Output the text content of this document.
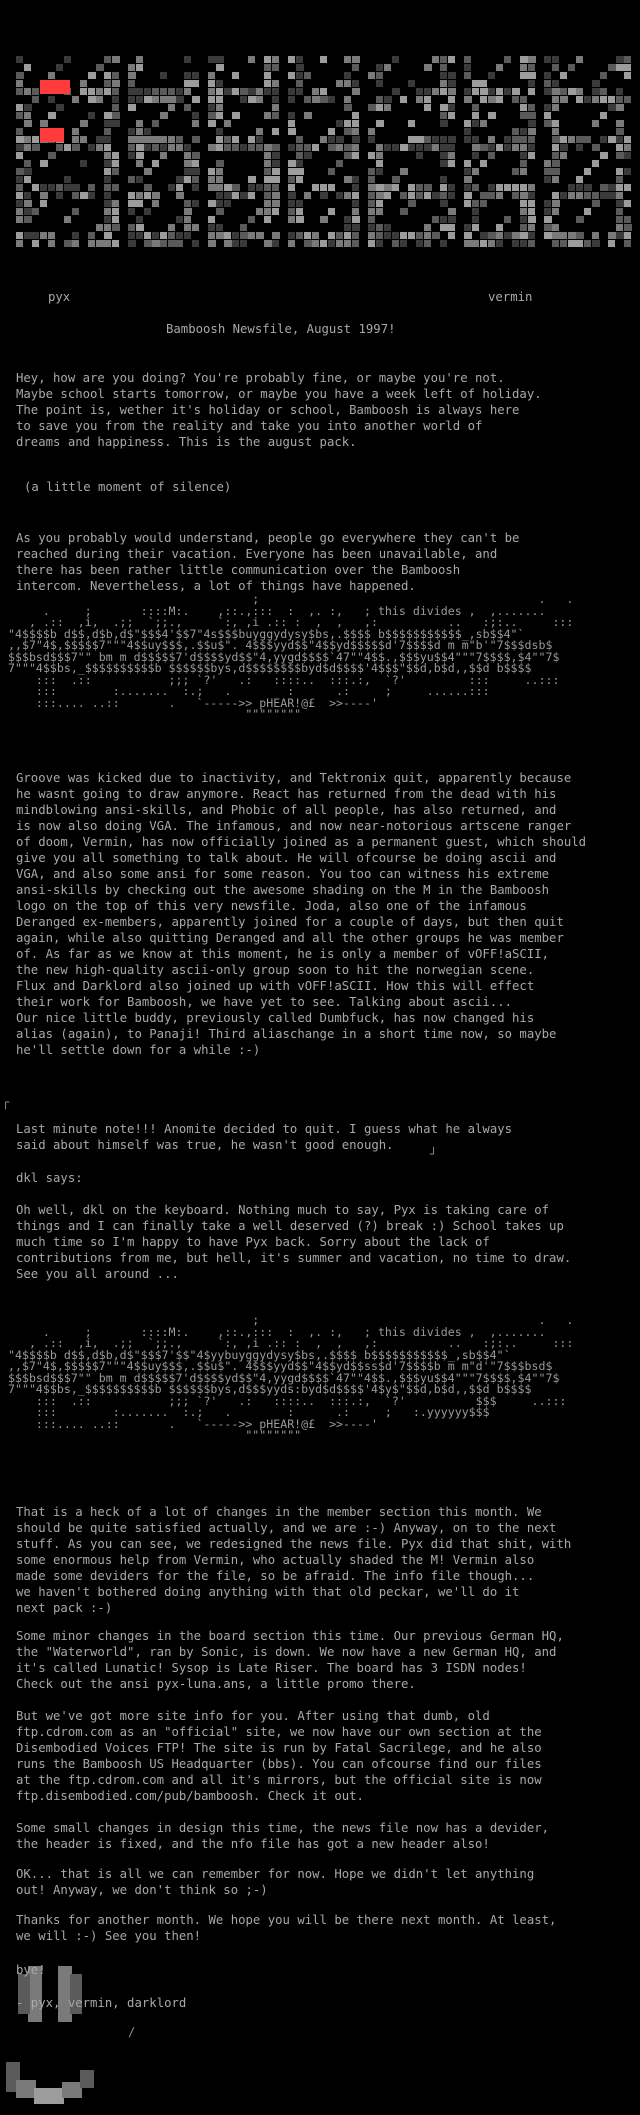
pyx	vermin
Bamboosh Newsfile, August 1997!
Hey, how are you doing? You're probably fine, or maybe you're not.
Maybe school starts tomorrow, or maybe you have a week left of holiday.
The point is, wether it's holiday or school, Bamboosh is always here
to save you from the reality and take you into another world of
dreams and happiness. This is the august pack.
(a little moment of silence)
As you probably would understand, people go everywhere they can't be
reached during their vacation. Everyone has been unavailable, and
there has been rather little communication over the Bamboosh
intercom. Nevertheless, a lot of things have happened.
;                                        .   .
.     ;       ::::M:.    ,::.,:::  :  ,. :,   ; this divides ,  ,.......
, .::  ,i,  .;;  `;;.,     `:, ,i .:: :  ,  ,   ,:          ..   :;:..     :::
"4$$$$b d$$,d$b,d$"$$$4'$$7"4s$$$buyggydysy$bs,.$$$$ b$$$$$$$$$$$_,sb$$4"`
,,$7"4$,$$$$$7"""4$$uy$$$,.$$u$". 4$$$yyd$$"4$$yd$$$$$d'7$$$$d m m"b'"7$$$dsb$
$$$bsd$$$7"" bm m d$$$$$7'd$$$$yd$$"4,yygd$$$$`47""4$$.,$$$yu$$4"""7$$$$,$4""7$
7"""4$$bs,_$$$$$$$$$$b $$$$$$bys,d$$$$$$$$byd$d$$$$'4$$$"$$d,b$d,,$$d b$$$$
:::  .::           ;;; `?'   .:   ::::..  :::.:,  `?'         :::     ..:::
:::        :.......  :.;   .        :      .:     ;     ......:::
:::.... ..::       .   `----->> pHEAR!@£  >>----'
""""""""
Groove was kicked due to inactivity, and Tektronix quit, apparently because
he wasnt going to draw anymore. React has returned from the dead with his
mindblowing ansi-skills, and Phobic of all people, has also returned, and
is now also doing VGA. The infamous, and now near-notorious artscene ranger
of doom, Vermin, has now officially joined as a permanent guest, which should
give you all something to talk about. He will ofcourse be doing ascii and
VGA, and also some ansi for some reason. You too can witness his extreme
ansi-skills by checking out the awesome shading on the M in the Bamboosh
logo on the top of this very newsfile. Joda, also one of the infamous
Deranged ex-members, apparently joined for a couple of days, but then quit
again, while also quitting Deranged and all the other groups he was member
of. As far as we know at this moment, he is only a member of vOFF!aSCII,
the new high-quality ascii-only group soon to hit the norwegian scene.
Flux and Darklord also joined up with vOFF!aSCII. How this will effect
their work for Bamboosh, we have yet to see. Talking about ascii...
Our nice little buddy, previously called Dumbfuck, has now changed his
alias (again), to Panaji! Third aliaschange in a short time now, so maybe
he'll settle down for a while :-)
┌
Last minute note!!! Anomite decided to quit. I guess what he always
said about himself was true, he wasn't good enough.
┘
dkl says:
Oh well, dkl on the keyboard. Nothing much to say, Pyx is taking care of
things and I can finally take a well deserved (?) break :) School takes up
much time so I'm happy to have Pyx back. Sorry about the lack of
contributions from me, but hell, it's summer and vacation, no time to draw.
See you all around ...
;                                        .   .
.     ;       ::::M:.    ,::.,:::  :  ,. :,   ; this divides ,  ,.......
, .::  ,i,  .;;  `;;.,     `:, ,i .:: :  ,  ,   ,:          ..   :;:..     :::
"4$$$$b d$$,d$b,d$"$$$7'$$"4$yybuyggydysy$bs,.$$$$ b$$$$$$$$$$$_,sb$$4"`
,,$7"4$,$$$$$7"""4$$uy$$$,.$$u$". 4$$$yyd$$"4$$yd$$ss$d'7$$$$b m m"d'"7$$$bsd$
$$$bsd$$$7"" bm m d$$$$$7'd$$$$yd$$"4,yygd$$$$`47""4$$.,$$$yu$$4"""7$$$$,$4""7$
7"""4$$bs,_$$$$$$$$$$b $$$$$$bys,d$$$yyds:byd$d$$$$'4$y$"$$d,b$d,,$$d b$$$$
:::  .::           ;;; `?'   .:   ::::..  :::.:,  `?'          $$$     ..:::
:::        :.......  :.;   .        :      .:     ;   :.yyyyyy$$$
:::.... ..::       .   `----->> pHEAR!@£  >>----'
""""""""
That is a heck of a lot of changes in the member section this month. We
should be quite satisfied actually, and we are :-) Anyway, on to the next
stuff. As you can see, we redesigned the news file. Pyx did that shit, with
some enormous help from Vermin, who actually shaded the M! Vermin also
made some deviders for the file, so be afraid. The info file though...
we haven't bothered doing anything with that old peckar, we'll do it
next pack :-)
Some minor changes in the board section this time. Our previous German HQ,
the "Waterworld", ran by Sonic, is down. We now have a new German HQ, and
it's called Lunatic! Sysop is Late Riser. The board has 3 ISDN nodes!
Check out the ansi pyx-luna.ans, a little promo there.
But we've got more site info for you. After using that dumb, old
ftp.cdrom.com as an "official" site, we now have our own section at the
Disembodied Voices FTP! The site is run by Fatal Sacrilege, and he also
runs the Bamboosh US Headquarter (bbs). You can ofcourse find our files
at the ftp.cdrom.com and all it's mirrors, but the official site is now
ftp.disembodied.com/pub/bamboosh. Check it out.
Some small changes in design this time, the news file now has a devider,
the header is fixed, and the nfo file has got a new header also!
OK... that is all we can remember for now. Hope we didn't let anything
out! Anyway, we don't think so ;-)
Thanks for another month. We hope you will be there next month. At least,
we will :-) See you then!
bye!
- pyx, vermin, darklord
/
